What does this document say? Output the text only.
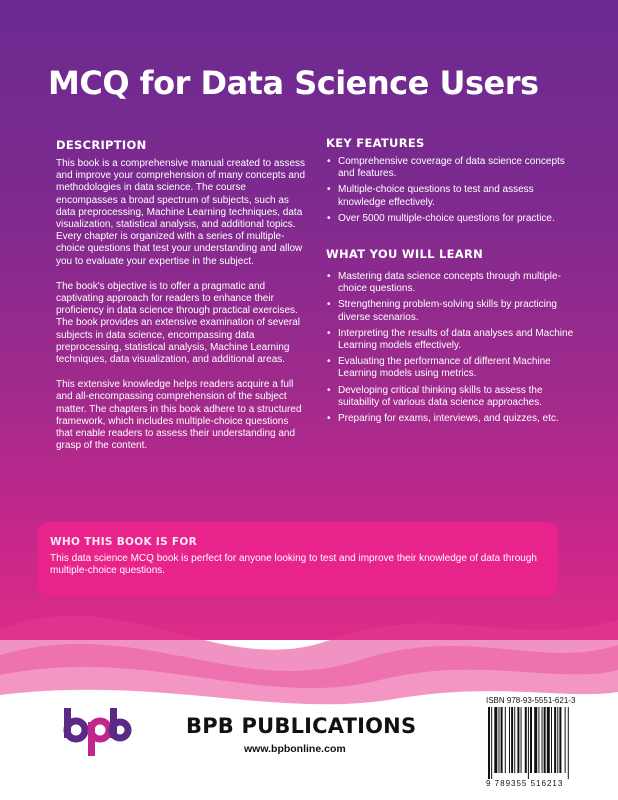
MCQ for Data Science Users
DESCRIPTION

This book is a comprehensive manual created to assess and improve your comprehension of many concepts and methodologies in data science. The course encompasses a broad spectrum of subjects, such as data preprocessing, Machine Learning techniques, data visualization, statistical analysis, and additional topics. Every chapter is organized with a series of multiple-choice questions that test your understanding and allow you to evaluate your expertise in the subject.

The book's objective is to offer a pragmatic and captivating approach for readers to enhance their proficiency in data science through practical exercises. The book provides an extensive examination of several subjects in data science, encompassing data preprocessing, statistical analysis, Machine Learning techniques, data visualization, and additional areas.

This extensive knowledge helps readers acquire a full and all-encompassing comprehension of the subject matter. The chapters in this book adhere to a structured framework, which includes multiple-choice questions that enable readers to assess their understanding and grasp of the content.

KEY FEATURES
• Comprehensive coverage of data science concepts and features.
• Multiple-choice questions to test and assess knowledge effectively.
• Over 5000 multiple-choice questions for practice.
WHAT YOU WILL LEARN
• Mastering data science concepts through multiple-choice questions.
• Strengthening problem-solving skills by practicing diverse scenarios.
• Interpreting the results of data analyses and Machine Learning models effectively.
• Evaluating the performance of different Machine Learning models using metrics.
• Developing critical thinking skills to assess the suitability of various data science approaches.
• Preparing for exams, interviews, and quizzes, etc.
WHO THIS BOOK IS FOR
This data science MCQ book is perfect for anyone looking to test and improve their knowledge of data through multiple-choice questions.
BPB PUBLICATIONS
www.bpbonline.com
ISBN 978-93-5551-621-3
9 789355 516213
